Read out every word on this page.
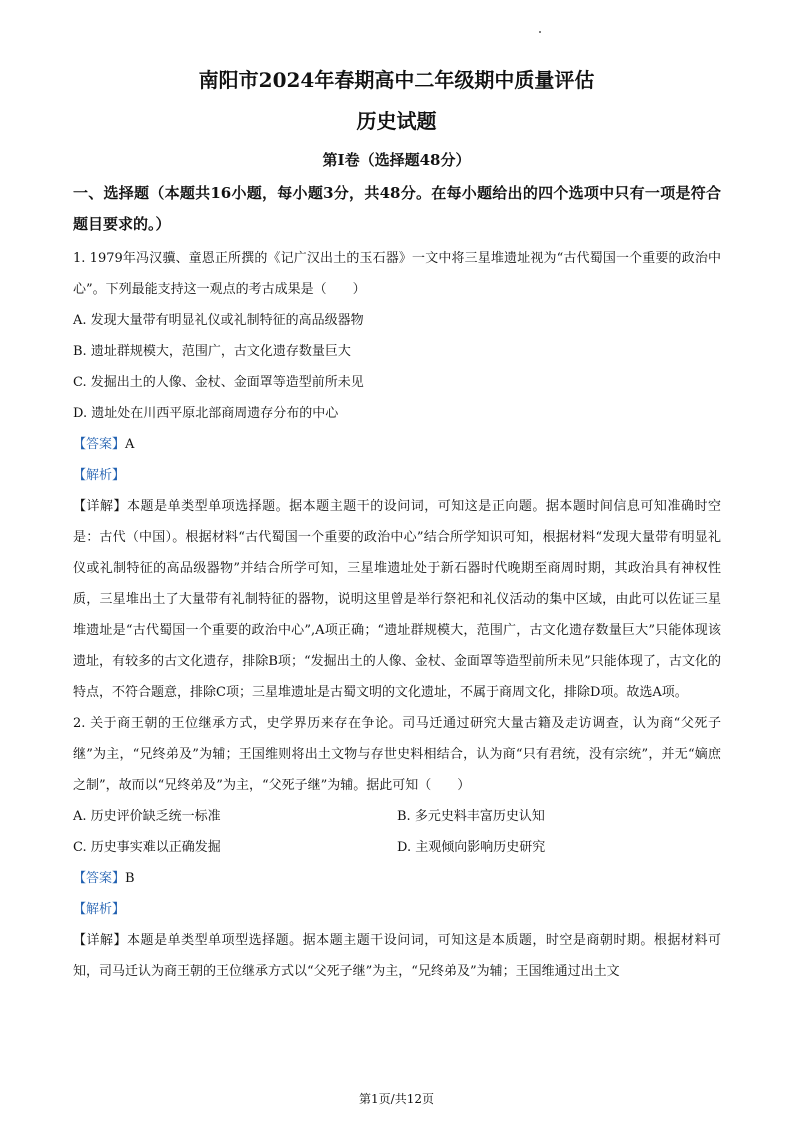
南阳市2024年春期高中二年级期中质量评估
历史试题
第Ⅰ卷（选择题48分）

一、选择题（本题共16小题，每小题3分，共48分。在每小题给出的四个选项中只有一项是符合题目要求的。）

1. 1979年冯汉骥、童恩正所撰的《记广汉出土的玉石器》一文中将三星堆遗址视为“古代蜀国一个重要的政治中心”。下列最能支持这一观点的考古成果是（　　）

A. 发现大量带有明显礼仪或礼制特征的高品级器物

B. 遗址群规模大，范围广，古文化遗存数量巨大

C. 发掘出土的人像、金杖、金面罩等造型前所未见

D. 遗址处在川西平原北部商周遗存分布的中心

【答案】A

【解析】

【详解】本题是单类型单项选择题。据本题主题干的设问词，可知这是正向题。据本题时间信息可知准确时空是：古代（中国）。根据材料“古代蜀国一个重要的政治中心”结合所学知识可知，根据材料“发现大量带有明显礼仪或礼制特征的高品级器物”并结合所学可知，三星堆遗址处于新石器时代晚期至商周时期，其政治具有神权性质，三星堆出土了大量带有礼制特征的器物，说明这里曾是举行祭祀和礼仪活动的集中区域，由此可以佐证三星堆遗址是“古代蜀国一个重要的政治中心”,A项正确；“遗址群规模大，范围广，古文化遗存数量巨大”只能体现该遗址，有较多的古文化遗存，排除B项；“发掘出土的人像、金杖、金面罩等造型前所未见”只能体现了，古文化的特点，不符合题意，排除C项；三星堆遗址是古蜀文明的文化遗址，不属于商周文化，排除D项。故选A项。

2. 关于商王朝的王位继承方式，史学界历来存在争论。司马迁通过研究大量古籍及走访调查，认为商“父死子继”为主，“兄终弟及”为辅；王国维则将出土文物与存世史料相结合，认为商“只有君统，没有宗统”，并无“嫡庶之制”，故而以“兄终弟及”为主，“父死子继”为辅。据此可知（　　）

A. 历史评价缺乏统一标准	B. 多元史料丰富历史认知

C. 历史事实难以正确发掘	D. 主观倾向影响历史研究

【答案】B

【解析】

【详解】本题是单类型单项型选择题。据本题主题干设问词，可知这是本质题，时空是商朝时期。根据材料可知，司马迁认为商王朝的王位继承方式以“父死子继”为主，“兄终弟及”为辅；王国维通过出土文

第1页/共12页
